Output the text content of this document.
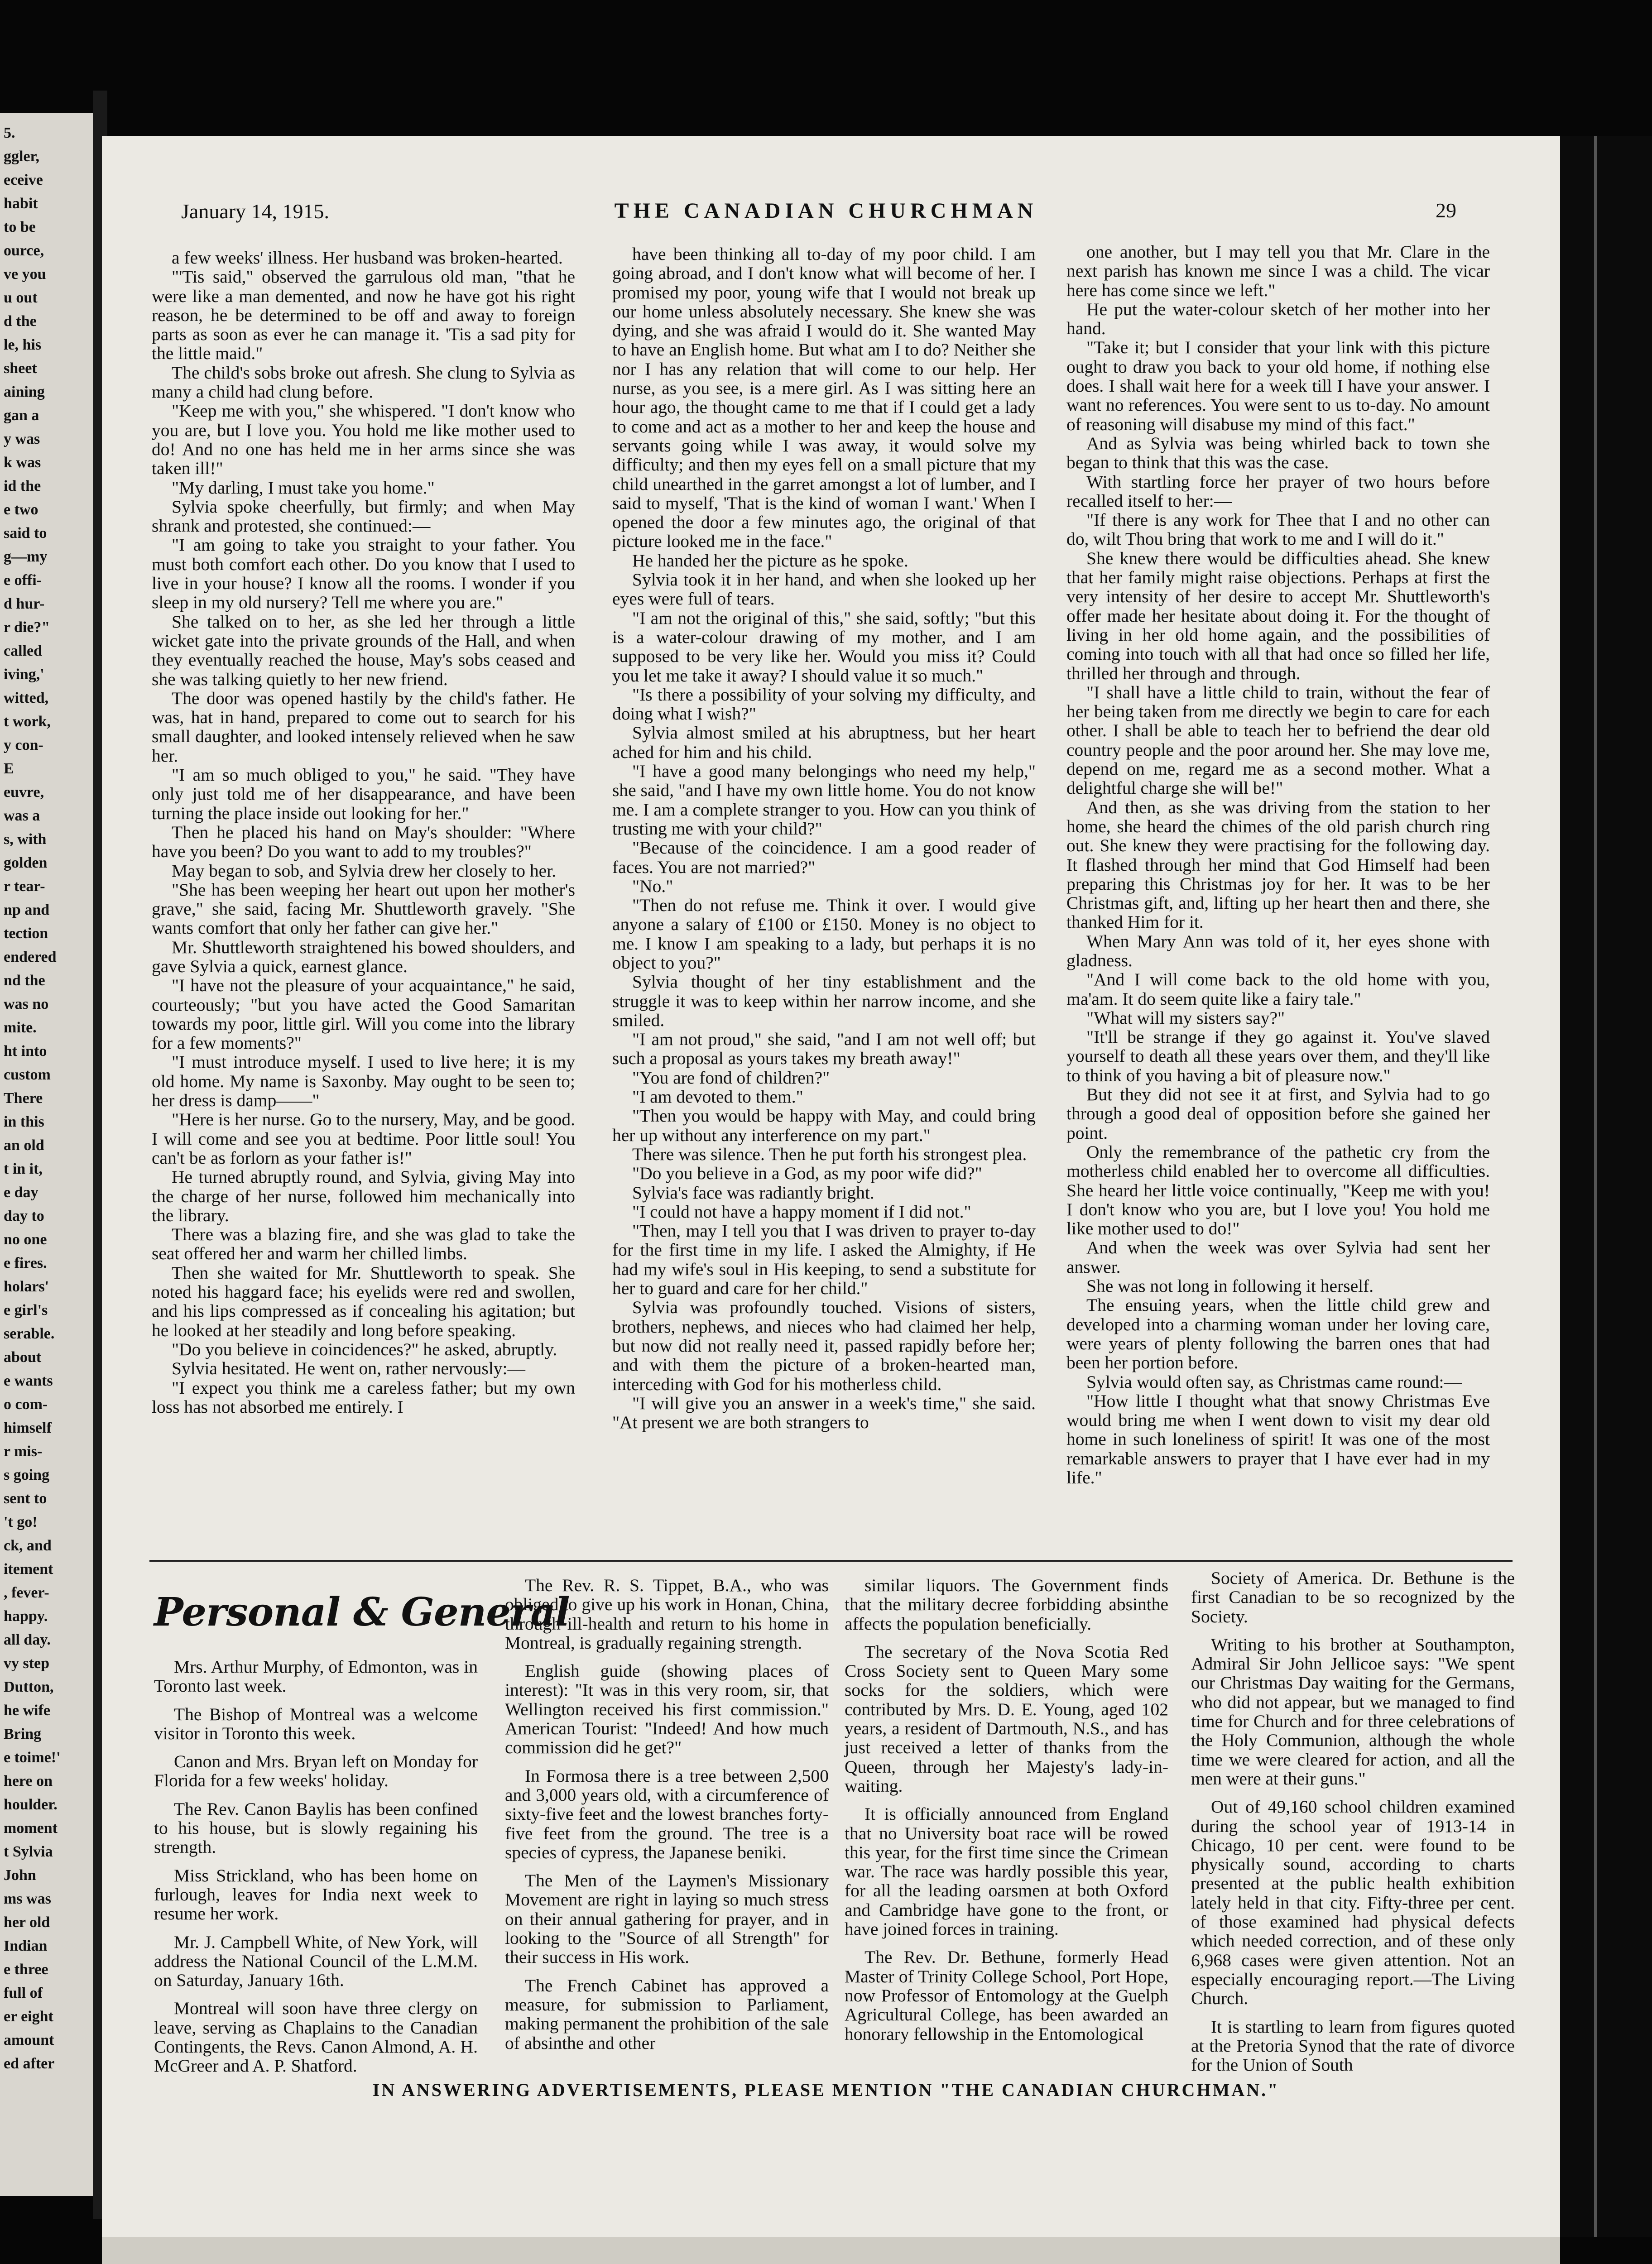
5.
ggler,
eceive
habit
to be
ource,
ve you
u out
d the
le, his
sheet
aining
gan a
y was
k was
id the
e two
said to
g—my
e offi-
d hur-
r die?"
called
iving,'
witted,
t work,
y con-
E
euvre,
was a
s, with
golden
r tear-
np and
tection
endered
nd the
was no
mite.
ht into
custom
There
in this
an old
t in it,
e day
day to
no one
e fires.
holars'
e girl's
serable.
about
e wants
o com-
himself
r mis-
s going
sent to
't go!
ck, and
itement
, fever-
happy.
all day.
vy step
Dutton,
he wife
Bring
e toime!'
here on
houlder.
moment
t Sylvia
John
ms was
her old
Indian
e three
full of
er eight
amount
ed after
January 14, 1915.	THE CANADIAN CHURCHMAN	29

a few weeks' illness. Her husband was broken-hearted.

"'Tis said," observed the garrulous old man, "that he were like a man demented, and now he have got his right reason, he be determined to be off and away to foreign parts as soon as ever he can manage it. 'Tis a sad pity for the little maid."

The child's sobs broke out afresh. She clung to Sylvia as many a child had clung before.

"Keep me with you," she whispered. "I don't know who you are, but I love you. You hold me like mother used to do! And no one has held me in her arms since she was taken ill!"

"My darling, I must take you home."

Sylvia spoke cheerfully, but firmly; and when May shrank and protested, she continued:—

"I am going to take you straight to your father. You must both comfort each other. Do you know that I used to live in your house? I know all the rooms. I wonder if you sleep in my old nursery? Tell me where you are."

She talked on to her, as she led her through a little wicket gate into the private grounds of the Hall, and when they eventually reached the house, May's sobs ceased and she was talking quietly to her new friend.

The door was opened hastily by the child's father. He was, hat in hand, prepared to come out to search for his small daughter, and looked intensely relieved when he saw her.

"I am so much obliged to you," he said. "They have only just told me of her disappearance, and have been turning the place inside out looking for her."

Then he placed his hand on May's shoulder: "Where have you been? Do you want to add to my troubles?"

May began to sob, and Sylvia drew her closely to her.

"She has been weeping her heart out upon her mother's grave," she said, facing Mr. Shuttleworth gravely. "She wants comfort that only her father can give her."

Mr. Shuttleworth straightened his bowed shoulders, and gave Sylvia a quick, earnest glance.

"I have not the pleasure of your acquaintance," he said, courteously; "but you have acted the Good Samaritan towards my poor, little girl. Will you come into the library for a few moments?"

"I must introduce myself. I used to live here; it is my old home. My name is Saxonby. May ought to be seen to; her dress is damp——"

"Here is her nurse. Go to the nursery, May, and be good. I will come and see you at bedtime. Poor little soul! You can't be as forlorn as your father is!"

He turned abruptly round, and Sylvia, giving May into the charge of her nurse, followed him mechanically into the library.

There was a blazing fire, and she was glad to take the seat offered her and warm her chilled limbs.

Then she waited for Mr. Shuttleworth to speak. She noted his haggard face; his eyelids were red and swollen, and his lips compressed as if concealing his agitation; but he looked at her steadily and long before speaking.

"Do you believe in coincidences?" he asked, abruptly.

Sylvia hesitated. He went on, rather nervously:—

"I expect you think me a careless father; but my own loss has not absorbed me entirely. I

have been thinking all to-day of my poor child. I am going abroad, and I don't know what will become of her. I promised my poor, young wife that I would not break up our home unless absolutely necessary. She knew she was dying, and she was afraid I would do it. She wanted May to have an English home. But what am I to do? Neither she nor I has any relation that will come to our help. Her nurse, as you see, is a mere girl. As I was sitting here an hour ago, the thought came to me that if I could get a lady to come and act as a mother to her and keep the house and servants going while I was away, it would solve my difficulty; and then my eyes fell on a small picture that my child unearthed in the garret amongst a lot of lumber, and I said to myself, 'That is the kind of woman I want.' When I opened the door a few minutes ago, the original of that picture looked me in the face."

He handed her the picture as he spoke.

Sylvia took it in her hand, and when she looked up her eyes were full of tears.

"I am not the original of this," she said, softly; "but this is a water-colour drawing of my mother, and I am supposed to be very like her. Would you miss it? Could you let me take it away? I should value it so much."

"Is there a possibility of your solving my difficulty, and doing what I wish?"

Sylvia almost smiled at his abruptness, but her heart ached for him and his child.

"I have a good many belongings who need my help," she said, "and I have my own little home. You do not know me. I am a complete stranger to you. How can you think of trusting me with your child?"

"Because of the coincidence. I am a good reader of faces. You are not married?"

"No."

"Then do not refuse me. Think it over. I would give anyone a salary of £100 or £150. Money is no object to me. I know I am speaking to a lady, but perhaps it is no object to you?"

Sylvia thought of her tiny establishment and the struggle it was to keep within her narrow income, and she smiled.

"I am not proud," she said, "and I am not well off; but such a proposal as yours takes my breath away!"

"You are fond of children?"

"I am devoted to them."

"Then you would be happy with May, and could bring her up without any interference on my part."

There was silence. Then he put forth his strongest plea.

"Do you believe in a God, as my poor wife did?"

Sylvia's face was radiantly bright.

"I could not have a happy moment if I did not."

"Then, may I tell you that I was driven to prayer to-day for the first time in my life. I asked the Almighty, if He had my wife's soul in His keeping, to send a substitute for her to guard and care for her child."

Sylvia was profoundly touched. Visions of sisters, brothers, nephews, and nieces who had claimed her help, but now did not really need it, passed rapidly before her; and with them the picture of a broken-hearted man, interceding with God for his motherless child.

"I will give you an answer in a week's time," she said. "At present we are both strangers to

one another, but I may tell you that Mr. Clare in the next parish has known me since I was a child. The vicar here has come since we left."

He put the water-colour sketch of her mother into her hand.

"Take it; but I consider that your link with this picture ought to draw you back to your old home, if nothing else does. I shall wait here for a week till I have your answer. I want no references. You were sent to us to-day. No amount of reasoning will disabuse my mind of this fact."

And as Sylvia was being whirled back to town she began to think that this was the case.

With startling force her prayer of two hours before recalled itself to her:—

"If there is any work for Thee that I and no other can do, wilt Thou bring that work to me and I will do it."

She knew there would be difficulties ahead. She knew that her family might raise objections. Perhaps at first the very intensity of her desire to accept Mr. Shuttleworth's offer made her hesitate about doing it. For the thought of living in her old home again, and the possibilities of coming into touch with all that had once so filled her life, thrilled her through and through.

"I shall have a little child to train, without the fear of her being taken from me directly we begin to care for each other. I shall be able to teach her to befriend the dear old country people and the poor around her. She may love me, depend on me, regard me as a second mother. What a delightful charge she will be!"

And then, as she was driving from the station to her home, she heard the chimes of the old parish church ring out. She knew they were practising for the following day. It flashed through her mind that God Himself had been preparing this Christmas joy for her. It was to be her Christmas gift, and, lifting up her heart then and there, she thanked Him for it.

When Mary Ann was told of it, her eyes shone with gladness.

"And I will come back to the old home with you, ma'am. It do seem quite like a fairy tale."

"What will my sisters say?"

"It'll be strange if they go against it. You've slaved yourself to death all these years over them, and they'll like to think of you having a bit of pleasure now."

But they did not see it at first, and Sylvia had to go through a good deal of opposition before she gained her point.

Only the remembrance of the pathetic cry from the motherless child enabled her to overcome all difficulties. She heard her little voice continually, "Keep me with you! I don't know who you are, but I love you! You hold me like mother used to do!"

And when the week was over Sylvia had sent her answer.

She was not long in following it herself.

The ensuing years, when the little child grew and developed into a charming woman under her loving care, were years of plenty following the barren ones that had been her portion before.

Sylvia would often say, as Christmas came round:—

"How little I thought what that snowy Christmas Eve would bring me when I went down to visit my dear old home in such loneliness of spirit! It was one of the most remarkable answers to prayer that I have ever had in my life."

Personal & General

Mrs. Arthur Murphy, of Edmonton, was in Toronto last week.

The Bishop of Montreal was a welcome visitor in Toronto this week.

Canon and Mrs. Bryan left on Monday for Florida for a few weeks' holiday.

The Rev. Canon Baylis has been confined to his house, but is slowly regaining his strength.

Miss Strickland, who has been home on furlough, leaves for India next week to resume her work.

Mr. J. Campbell White, of New York, will address the National Council of the L.M.M. on Saturday, January 16th.

Montreal will soon have three clergy on leave, serving as Chaplains to the Canadian Contingents, the Revs. Canon Almond, A. H. McGreer and A. P. Shatford.

The Rev. R. S. Tippet, B.A., who was obliged to give up his work in Honan, China, through ill-health and return to his home in Montreal, is gradually regaining strength.

English guide (showing places of interest): "It was in this very room, sir, that Wellington received his first commission." American Tourist: "Indeed! And how much commission did he get?"

In Formosa there is a tree between 2,500 and 3,000 years old, with a circumference of sixty-five feet and the lowest branches forty-five feet from the ground. The tree is a species of cypress, the Japanese beniki.

The Men of the Laymen's Missionary Movement are right in laying so much stress on their annual gathering for prayer, and in looking to the "Source of all Strength" for their success in His work.

The French Cabinet has approved a measure, for submission to Parliament, making permanent the prohibition of the sale of absinthe and other

similar liquors. The Government finds that the military decree forbidding absinthe affects the population beneficially.

The secretary of the Nova Scotia Red Cross Society sent to Queen Mary some socks for the soldiers, which were contributed by Mrs. D. E. Young, aged 102 years, a resident of Dartmouth, N.S., and has just received a letter of thanks from the Queen, through her Majesty's lady-in-waiting.

It is officially announced from England that no University boat race will be rowed this year, for the first time since the Crimean war. The race was hardly possible this year, for all the leading oarsmen at both Oxford and Cambridge have gone to the front, or have joined forces in training.

The Rev. Dr. Bethune, formerly Head Master of Trinity College School, Port Hope, now Professor of Entomology at the Guelph Agricultural College, has been awarded an honorary fellowship in the Entomological

Society of America. Dr. Bethune is the first Canadian to be so recognized by the Society.

Writing to his brother at Southampton, Admiral Sir John Jellicoe says: "We spent our Christmas Day waiting for the Germans, who did not appear, but we managed to find time for Church and for three celebrations of the Holy Communion, although the whole time we were cleared for action, and all the men were at their guns."

Out of 49,160 school children examined during the school year of 1913-14 in Chicago, 10 per cent. were found to be physically sound, according to charts presented at the public health exhibition lately held in that city. Fifty-three per cent. of those examined had physical defects which needed correction, and of these only 6,968 cases were given attention. Not an especially encouraging report.—The Living Church.

It is startling to learn from figures quoted at the Pretoria Synod that the rate of divorce for the Union of South

IN ANSWERING ADVERTISEMENTS, PLEASE MENTION "THE CANADIAN CHURCHMAN."
